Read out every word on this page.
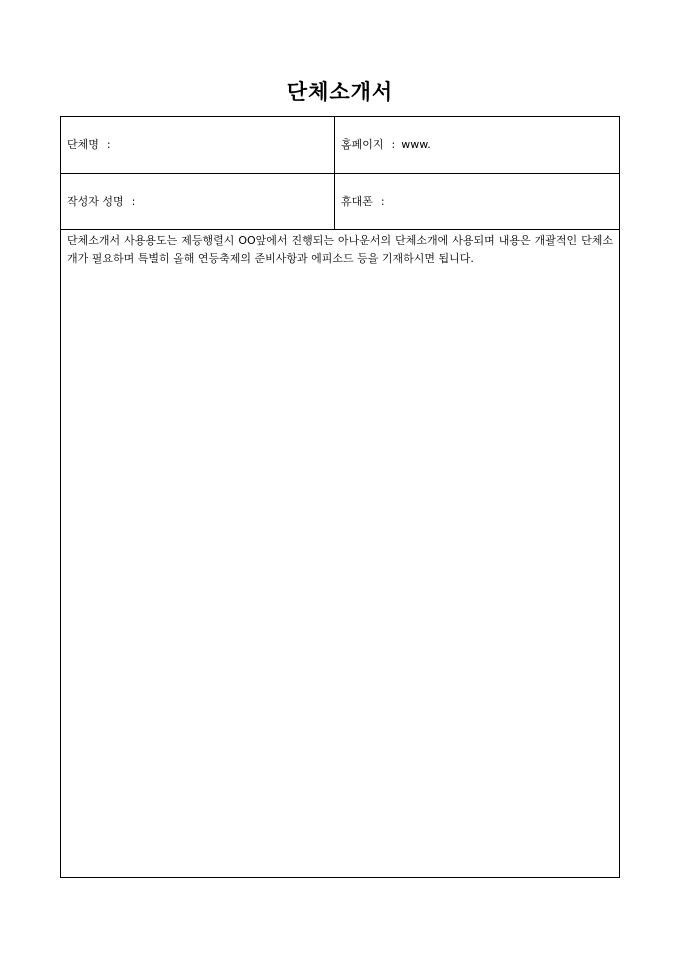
단체소개서
단체명 :	홈페이지 : www.
작성자 성명 :	휴대폰 :

단체소개서 사용용도는 제등행렬시 OO앞에서 진행되는 아나운서의 단체소개에 사용되며 내용은 개괄적인 단체소개가 필요하며 특별히 올해 연등축제의 준비사항과 에피소드 등을 기재하시면 됩니다.
